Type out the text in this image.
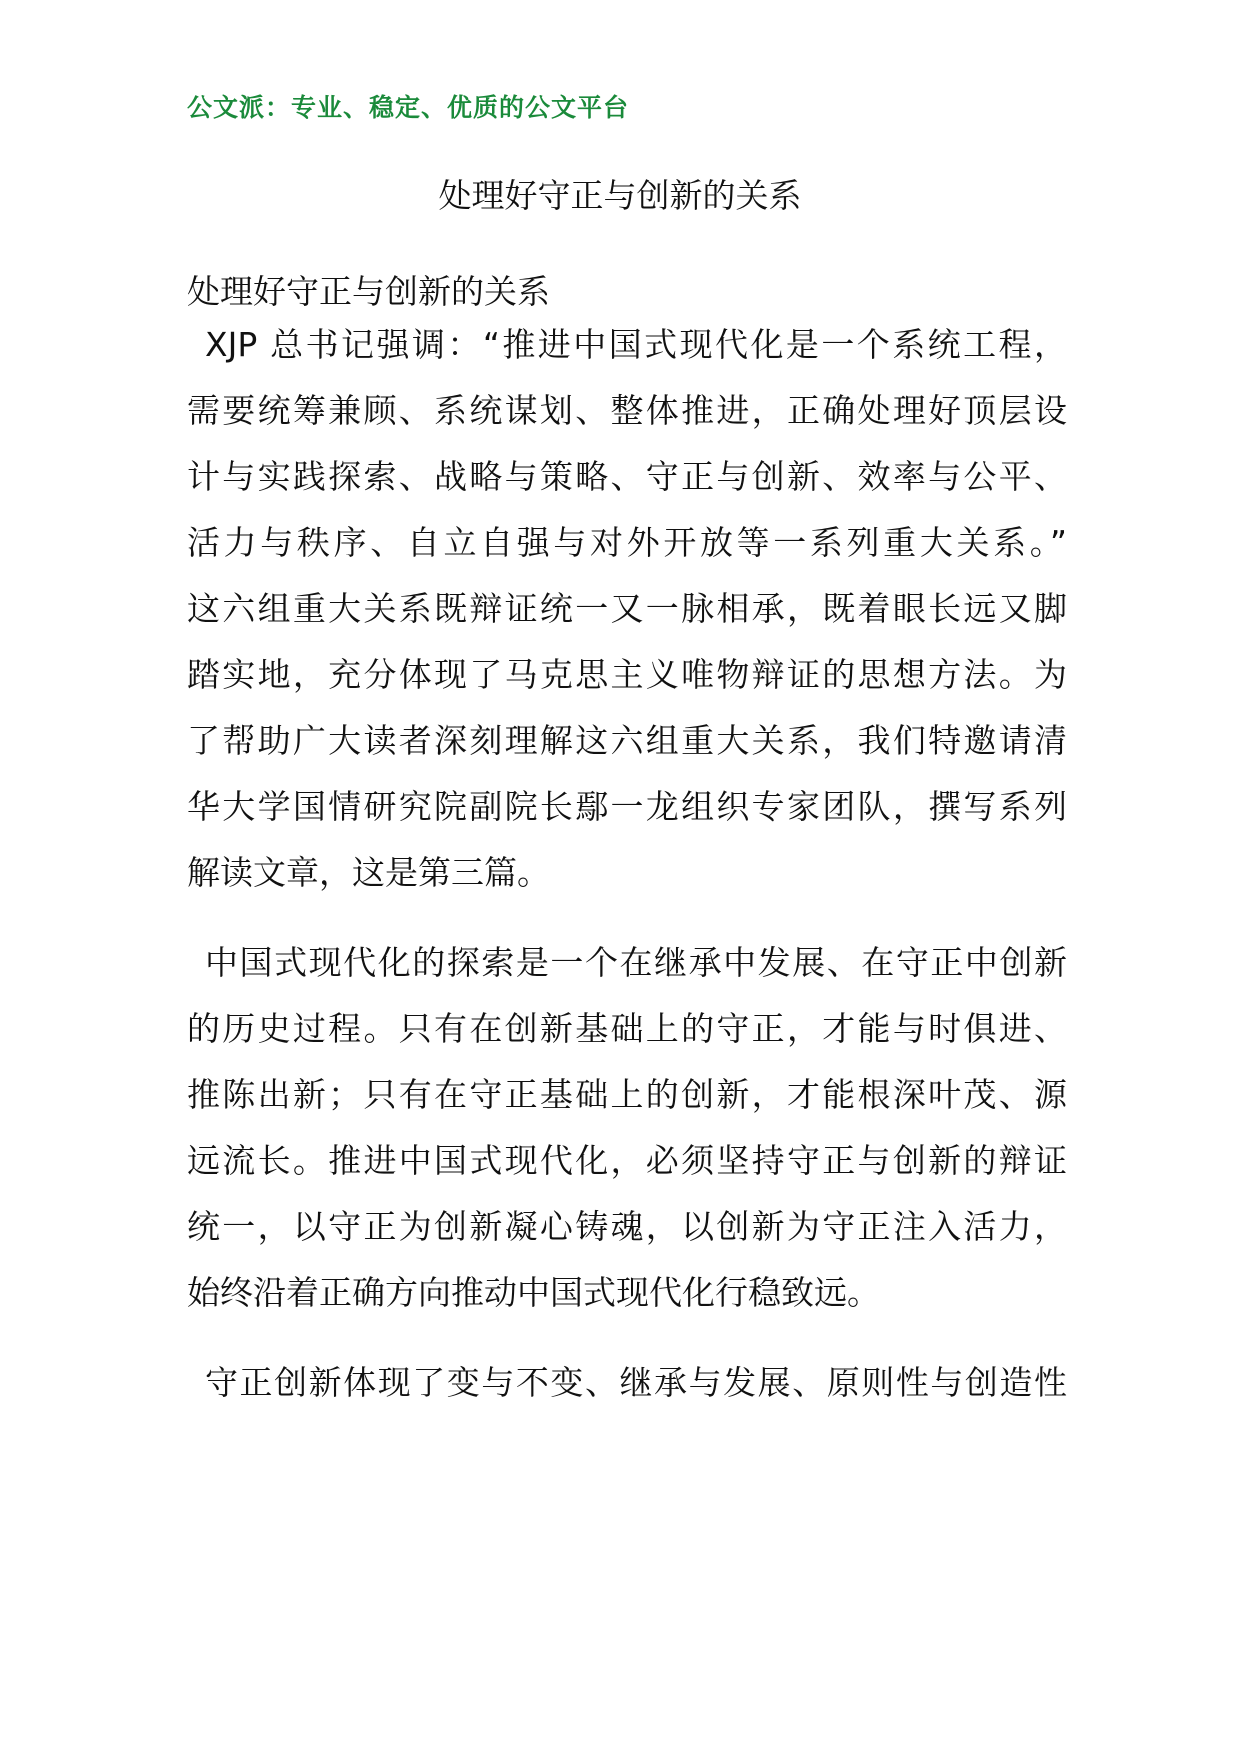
公文派：专业、稳定、优质的公文平台
处理好守正与创新的关系
处理好守正与创新的关系
XJP 总书记强调：“推进中国式现代化是一个系统工程，
需要统筹兼顾、系统谋划、整体推进，正确处理好顶层设
计与实践探索、战略与策略、守正与创新、效率与公平、
活力与秩序、自立自强与对外开放等一系列重大关系。”
这六组重大关系既辩证统一又一脉相承，既着眼长远又脚
踏实地，充分体现了马克思主义唯物辩证的思想方法。为
了帮助广大读者深刻理解这六组重大关系，我们特邀请清
华大学国情研究院副院长鄢一龙组织专家团队，撰写系列
解读文章，这是第三篇。
中国式现代化的探索是一个在继承中发展、在守正中创新
的历史过程。只有在创新基础上的守正，才能与时俱进、
推陈出新；只有在守正基础上的创新，才能根深叶茂、源
远流长。推进中国式现代化，必须坚持守正与创新的辩证
统一，以守正为创新凝心铸魂，以创新为守正注入活力，
始终沿着正确方向推动中国式现代化行稳致远。
守正创新体现了变与不变、继承与发展、原则性与创造性
